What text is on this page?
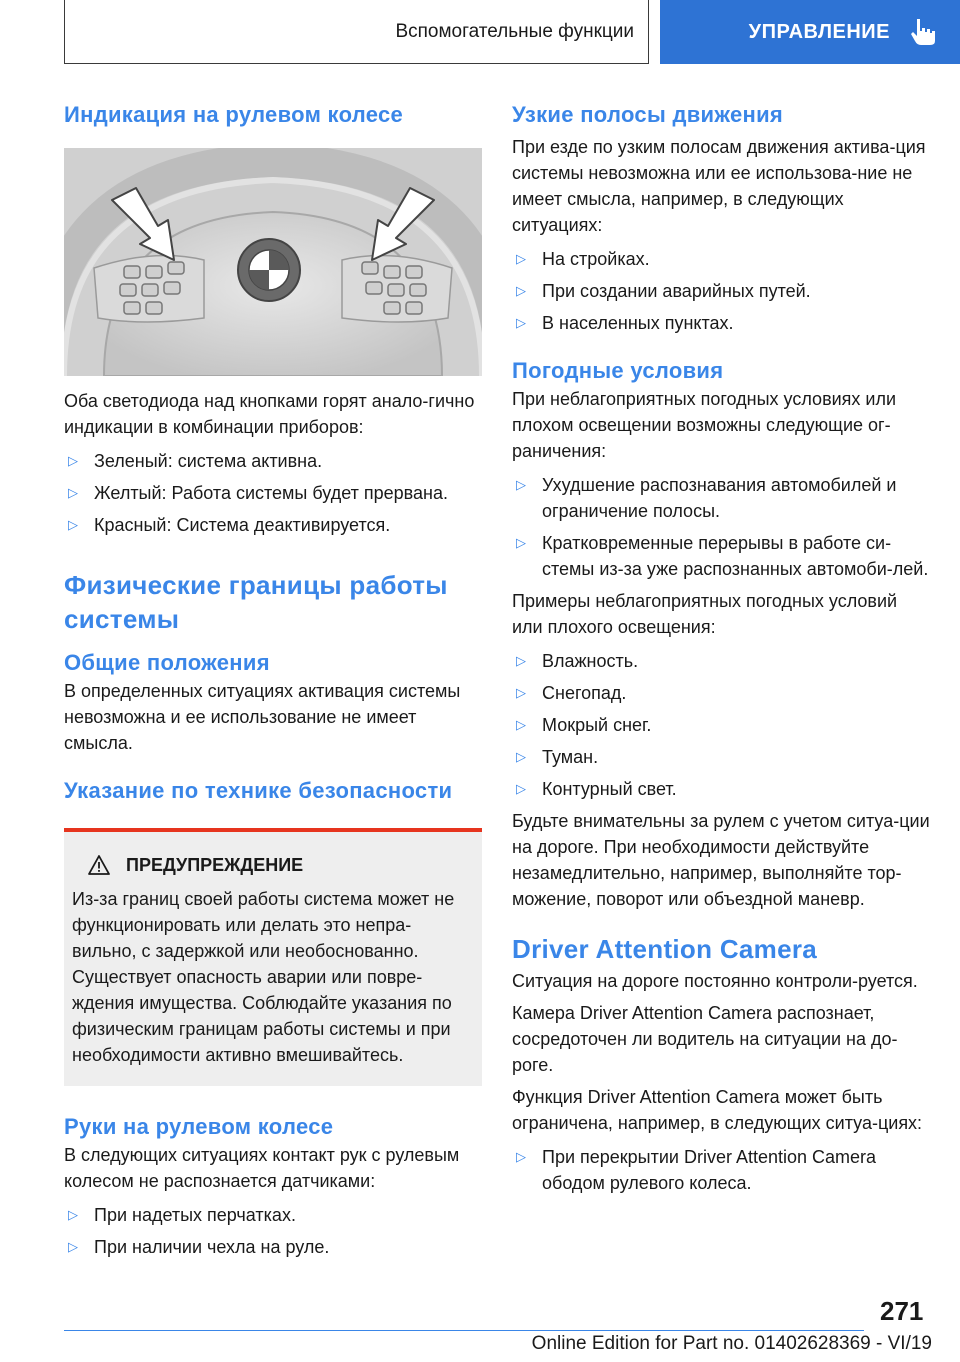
Вспомогательные функции	УПРАВЛЕНИЕ
Индикация на рулевом колесе

Оба светодиода над кнопками горят анало-гично индикации в комбинации приборов:

▷ Зеленый: система активна.
▷ Желтый: Работа системы будет прервана.
▷ Красный: Система деактивируется.
Физические границы работы
системы
Общие положения

В определенных ситуациях активация системы невозможна и ее использование не имеет смысла.

Указание по технике безопасности
ПРЕДУПРЕЖДЕНИЕ

Из-за границ своей работы система может не функционировать или делать это непра-вильно, с задержкой или необоснованно. Существует опасность аварии или повре-ждения имущества. Соблюдайте указания по физическим границам работы системы и при необходимости активно вмешивайтесь.

Руки на рулевом колесе

В следующих ситуациях контакт рук с рулевым колесом не распознается датчиками:

▷ При надетых перчатках.
▷ При наличии чехла на руле.
Узкие полосы движения

При езде по узким полосам движения актива-ция системы невозможна или ее использова-ние не имеет смысла, например, в следующих ситуациях:

▷ На стройках.
▷ При создании аварийных путей.
▷ В населенных пунктах.
Погодные условия

При неблагоприятных погодных условиях или плохом освещении возможны следующие ог-раничения:

▷ Ухудшение распознавания автомобилей и ограничение полосы.
▷ Кратковременные перерывы в работе си-стемы из-за уже распознанных автомоби-лей.

Примеры неблагоприятных погодных условий или плохого освещения:

▷ Влажность.
▷ Снегопад.
▷ Мокрый снег.
▷ Туман.
▷ Контурный свет.

Будьте внимательны за рулем с учетом ситуа-ции на дороге. При необходимости действуйте незамедлительно, например, выполняйте тор-можение, поворот или объездной маневр.

Driver Attention Camera

Ситуация на дороге постоянно контроли-руется.

Камера Driver Attention Camera распознает, сосредоточен ли водитель на ситуации на до-роге.

Функция Driver Attention Camera может быть ограничена, например, в следующих ситуа-циях:

▷ При перекрытии Driver Attention Camera ободом рулевого колеса.
271
Online Edition for Part no. 01402628369 - VI/19
